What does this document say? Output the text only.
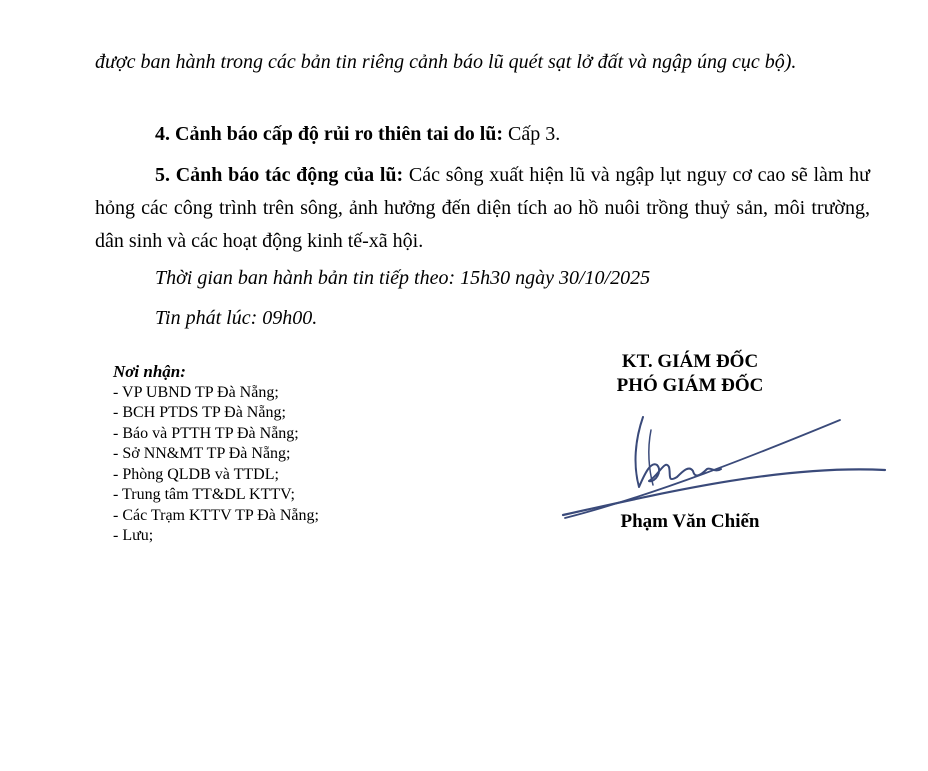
được ban hành trong các bản tin riêng cảnh báo lũ quét sạt lở đất và ngập úng cục bộ).

4. Cảnh báo cấp độ rủi ro thiên tai do lũ: Cấp 3.

5. Cảnh báo tác động của lũ: Các sông xuất hiện lũ và ngập lụt nguy cơ cao sẽ làm hư hỏng các công trình trên sông, ảnh hưởng đến diện tích ao hồ nuôi trồng thuỷ sản, môi trường, dân sinh và các hoạt động kinh tế-xã hội.

Thời gian ban hành bản tin tiếp theo: 15h30 ngày 30/10/2025

Tin phát lúc: 09h00.

Nơi nhận:
- VP UBND TP Đà Nẵng;
- BCH PTDS TP Đà Nẵng;
- Báo và PTTH TP Đà Nẵng;
- Sở NN&MT TP Đà Nẵng;
- Phòng QLDB và TTDL;
- Trung tâm TT&DL KTTV;
- Các Trạm KTTV TP Đà Nẵng;
- Lưu;
KT. GIÁM ĐỐC
PHÓ GIÁM ĐỐC
Phạm Văn Chiến
